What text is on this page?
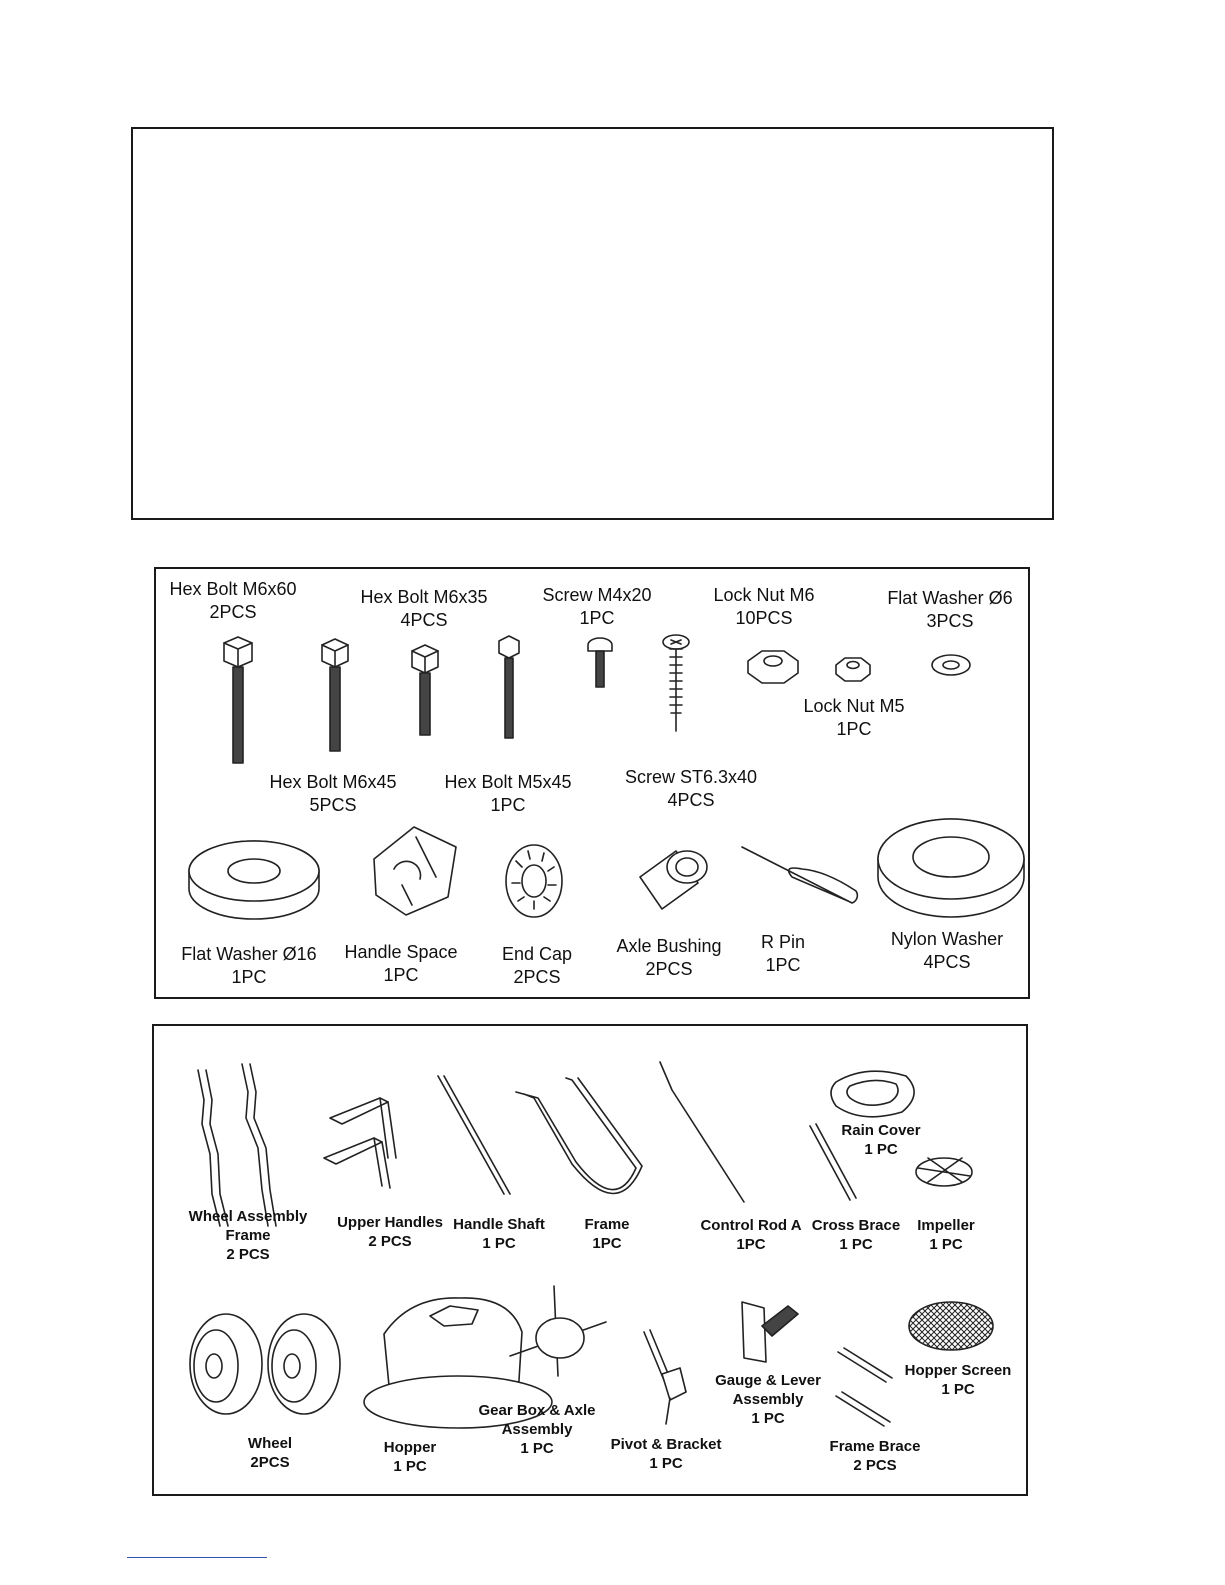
Hex Bolt M6x60
2PCS
Hex Bolt M6x35
4PCS
Screw M4x20
1PC
Lock Nut M6
10PCS
Flat Washer Ø6
3PCS
Lock Nut M5
1PC
Hex Bolt M6x45
5PCS
Hex Bolt M5x45
1PC
Screw ST6.3x40
4PCS
Flat Washer Ø16
1PC
Handle Space
1PC
End Cap
2PCS
Axle Bushing
2PCS
R Pin
1PC
Nylon Washer
4PCS
Wheel Assembly
Frame
2 PCS
Upper Handles
2 PCS
Handle Shaft
1 PC
Frame
1PC
Control Rod A
1PC
Cross Brace
1 PC
Rain Cover
1 PC
Impeller
1 PC
Wheel
2PCS
Hopper
1 PC
Gear Box & Axle
Assembly
1 PC	Pivot & Bracket
1 PC
Gauge & Lever
Assembly
1 PC
Frame Brace
2 PCS
Hopper Screen
1 PC
